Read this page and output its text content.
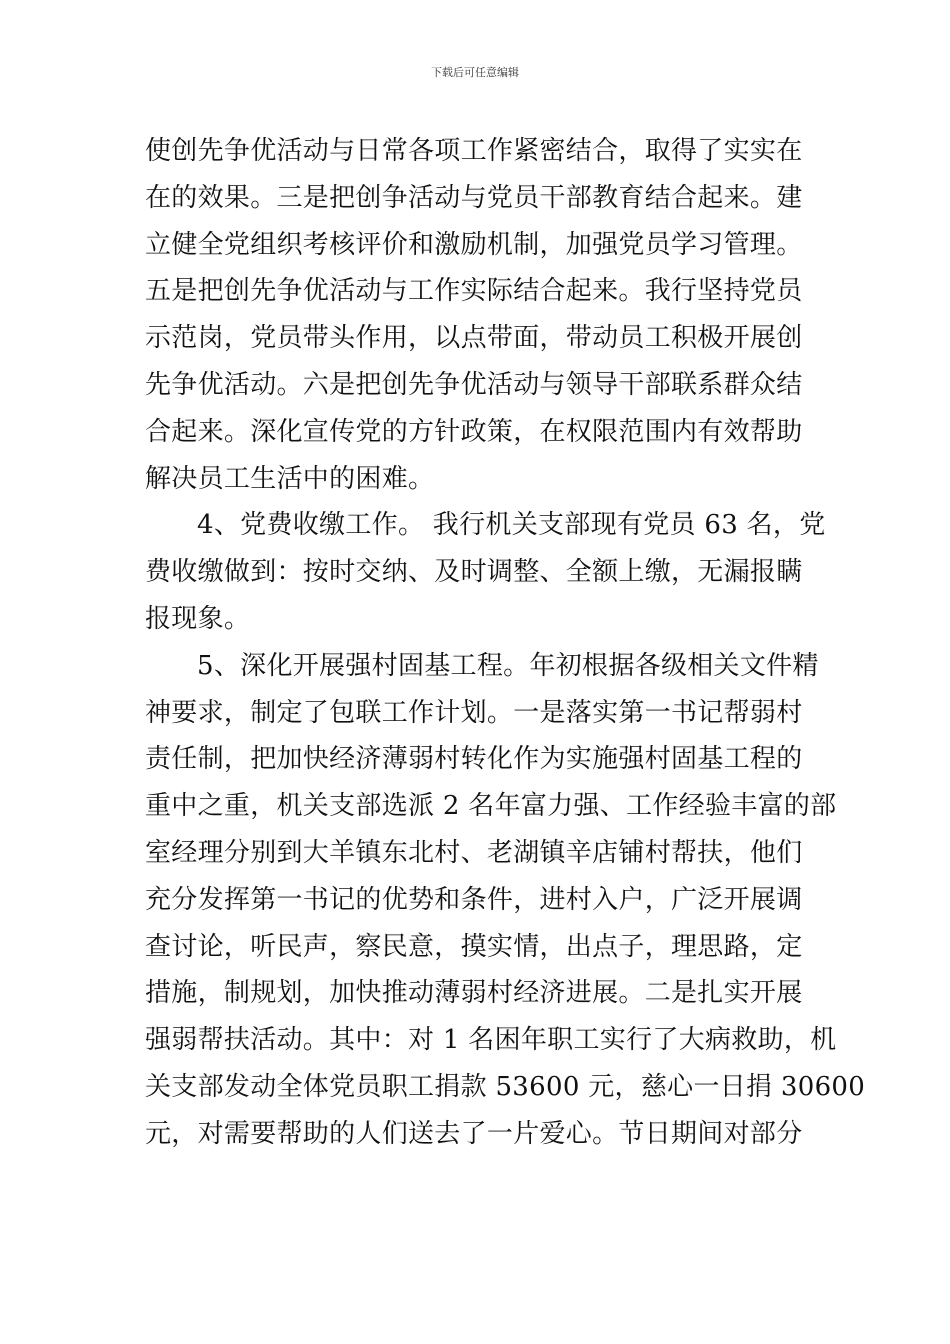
下载后可任意编辑
使创先争优活动与日常各项工作紧密结合，取得了实实在
在的效果。三是把创争活动与党员干部教育结合起来。建
立健全党组织考核评价和激励机制，加强党员学习管理。
五是把创先争优活动与工作实际结合起来。我行坚持党员
示范岗，党员带头作用，以点带面，带动员工积极开展创
先争优活动。六是把创先争优活动与领导干部联系群众结
合起来。深化宣传党的方针政策，在权限范围内有效帮助
解决员工生活中的困难。
4、党费收缴工作。 我行机关支部现有党员 63 名，党
费收缴做到：按时交纳、及时调整、全额上缴，无漏报瞒
报现象。
5、深化开展强村固基工程。年初根据各级相关文件精
神要求，制定了包联工作计划。一是落实第一书记帮弱村
责任制，把加快经济薄弱村转化作为实施强村固基工程的
重中之重，机关支部选派 2 名年富力强、工作经验丰富的部
室经理分别到大羊镇东北村、老湖镇辛店铺村帮扶，他们
充分发挥第一书记的优势和条件，进村入户，广泛开展调
查讨论，听民声，察民意，摸实情，出点子，理思路，定
措施，制规划，加快推动薄弱村经济进展。二是扎实开展
强弱帮扶活动。其中：对 1 名困年职工实行了大病救助，机
关支部发动全体党员职工捐款 53600 元，慈心一日捐 30600
元，对需要帮助的人们送去了一片爱心。节日期间对部分
